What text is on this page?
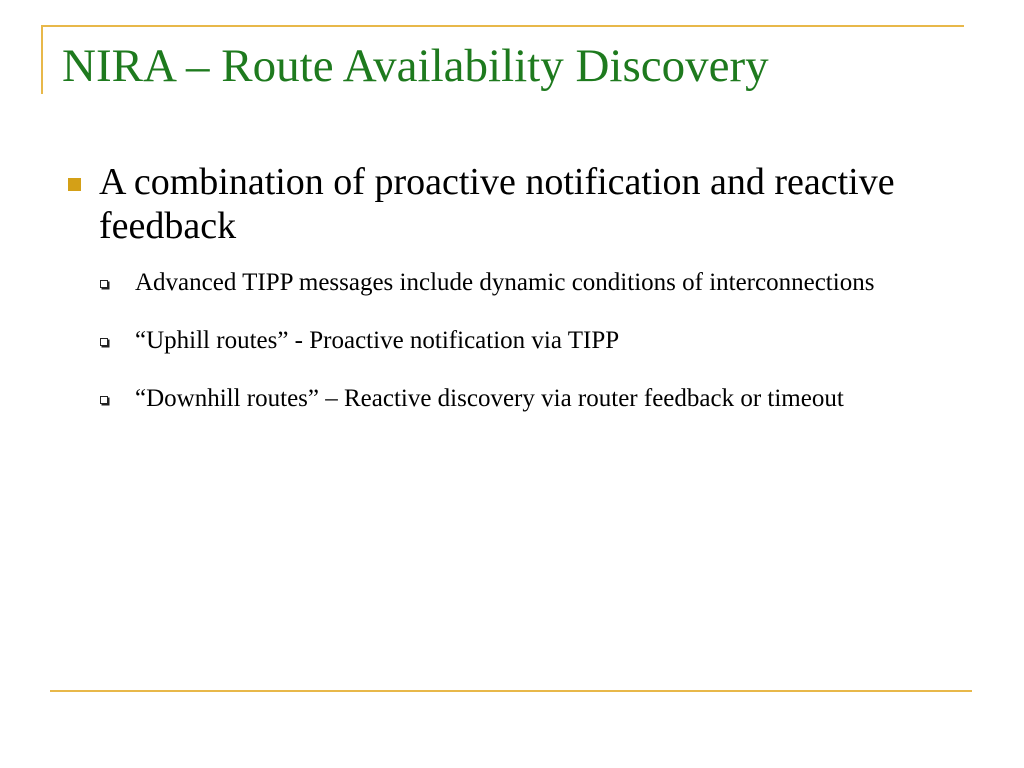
NIRA – Route Availability Discovery
A combination of proactive notification and reactive feedback
Advanced TIPP messages include dynamic conditions of interconnections
“Uphill routes” - Proactive notification via TIPP
“Downhill routes” – Reactive discovery via router feedback or timeout
